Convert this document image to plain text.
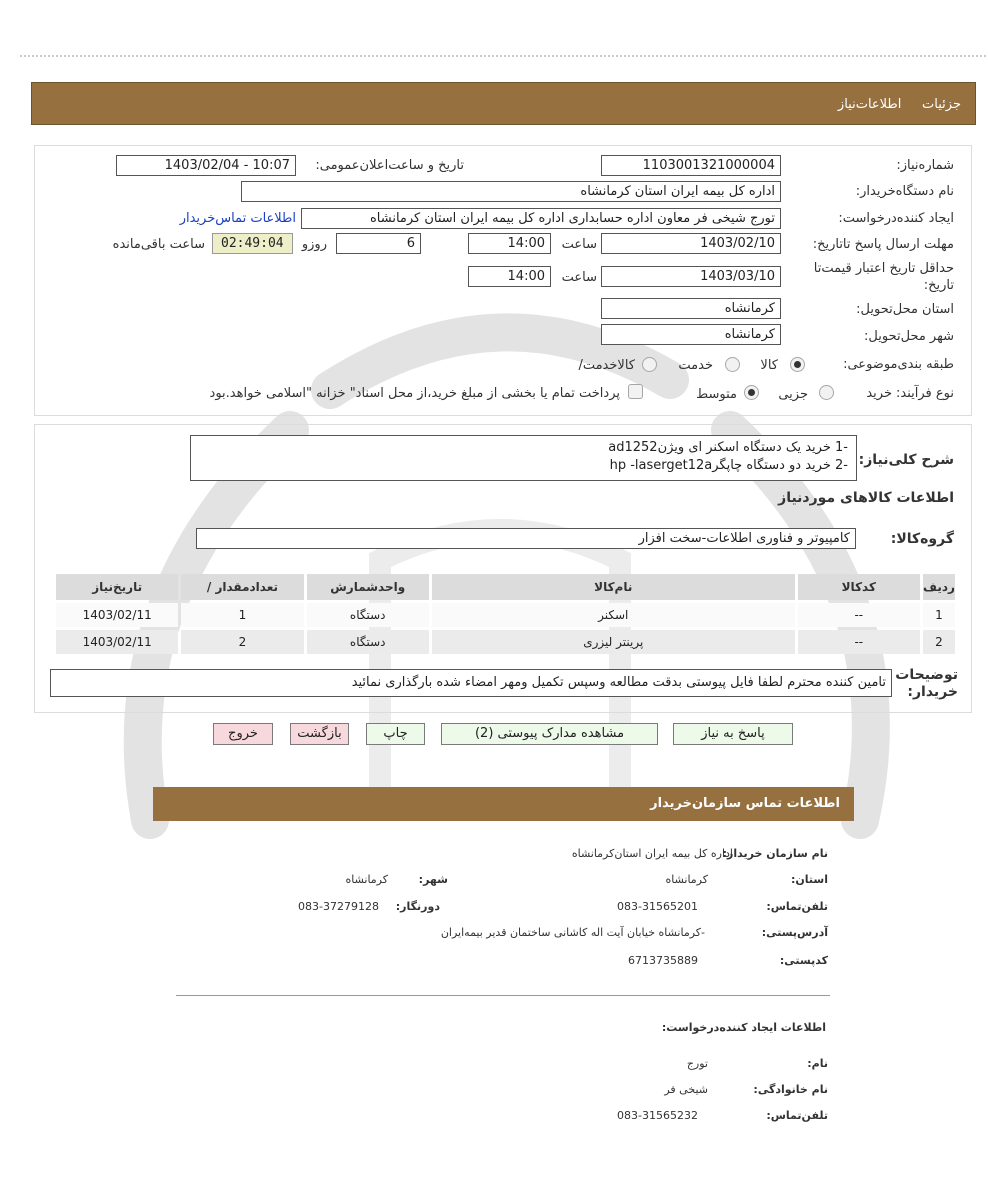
جزئیات     اطلاعات‌نیاز
شماره‌نیاز:
1103001321000004
تاریخ و ساعت‌اعلان‌عمومی:
1403/02/04 - 10:07
نام دستگاه‌خریدار:
اداره کل بیمه ایران استان کرمانشاه
ایجاد کننده‌درخواست:
تورج شیخی فر معاون اداره حسابداری اداره کل بیمه ایران استان کرمانشاه
اطلاعات تماس‌خریدار
مهلت ارسال پاسخ تا‌تاریخ:
1403/02/10
ساعت
14:00
6
روزو
02:49:04
ساعت باقی‌مانده
حداقل تاریخ اعتبار قیمت‌تا تاریخ:
1403/03/10
ساعت
14:00
استان محل‌تحویل:
کرمانشاه
شهر محل‌تحویل:
کرمانشاه
طبقه بندی‌موضوعی:
کالا
خدمت
کالا‌خدمت/
نوع فرآیند:
خرید
جزیی
متوسط
پرداخت تمام یا بخشی از مبلغ خرید،از محل اسناد" خزانه "اسلامی خواهد.بود
شرح کلی‌نیاز:
-1 خرید یک دستگاه اسکنر ای ویژنad1252
-2 خرید دو دستگاه چاپگرhp -laserget12a
اطلاعات کالاهای مورد‌نیاز
گروه‌کالا:
کامپیوتر و فناوری اطلاعات-سخت افزار
ردیف	کدکالا	نام‌کالا	واحد‌شمارش	تعداد‌مقدار /	تاریخ‌نیاز
1	--	اسکنر	دستگاه	1	1403/02/11
2	--	پرینتر لیزری	دستگاه	2	1403/02/11
توضیحات خریدار:
تامین کننده محترم لطفا فایل پیوستی بدقت مطالعه وسپس تکمیل ومهر امضاء شده بارگذاری نمائید
پاسخ به نیاز
مشاهده مدارک پیوستی (2)
چاپ
بازگشت
خروج
اطلاعات تماس سازمان‌خریدار
نام سازمان خریدار:
اداره کل بیمه ایران استان‌کرمانشاه
استان:
کرمانشاه
شهر:
کرمانشاه
تلفن‌تماس:
083-31565201
دورنگار:
083-37279128
آدرس‌پستی:
-کرمانشاه خیابان آیت اله کاشانی ساختمان قدیر بیمه‌ایران
کد‌پستی:
6713735889
اطلاعات ایجاد کننده‌درخواست:
نام:
تورج
نام خانوادگی:
شیخی فر
تلفن‌تماس:
083-31565232
